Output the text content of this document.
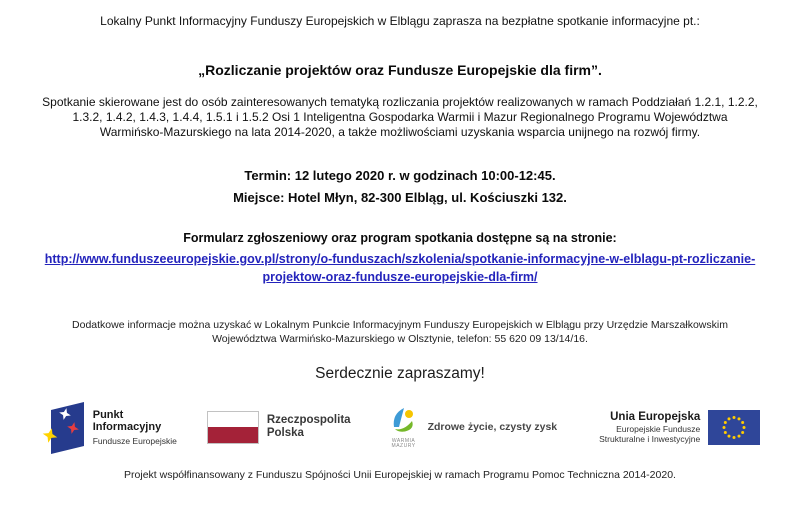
Lokalny Punkt Informacyjny Funduszy Europejskich w Elblągu zaprasza na bezpłatne spotkanie informacyjne pt.:

„Rozliczanie projektów oraz Fundusze Europejskie dla firm”.

Spotkanie skierowane jest do osób zainteresowanych tematyką rozliczania projektów realizowanych w ramach Poddziałań 1.2.1, 1.2.2, 1.3.2, 1.4.2, 1.4.3, 1.4.4, 1.5.1 i 1.5.2 Osi 1 Inteligentna Gospodarka Warmii i Mazur Regionalnego Programu Województwa Warmińsko-Mazurskiego na lata 2014-2020, a także możliwościami uzyskania wsparcia unijnego na rozwój firmy.

Termin: 12 lutego 2020 r. w godzinach 10:00-12:45.

Miejsce: Hotel Młyn, 82-300 Elbląg, ul. Kościuszki 132.

Formularz zgłoszeniowy oraz program spotkania dostępne są na stronie:

http://www.funduszeeuropejskie.gov.pl/strony/o-funduszach/szkolenia/spotkanie-informacyjne-w-elblagu-pt-rozliczanie-
projektow-oraz-fundusze-europejskie-dla-firm/

Dodatkowe informacje można uzyskać w Lokalnym Punkcie Informacyjnym Funduszy Europejskich w Elblągu przy Urzędzie Marszałkowskim Województwa Warmińsko-Mazurskiego w Olsztynie, telefon: 55 620 09 13/14/16.

Serdecznie zapraszamy!

Punkt
Informacyjny
Fundusze Europejskie
Rzeczpospolita
Polska
WARMIA
MAZURY
Zdrowe życie, czysty zysk
Unia Europejska
Europejskie Fundusze
Strukturalne i Inwestycyjne

Projekt współfinansowany z Funduszu Spójności Unii Europejskiej w ramach Programu Pomoc Techniczna 2014-2020.
